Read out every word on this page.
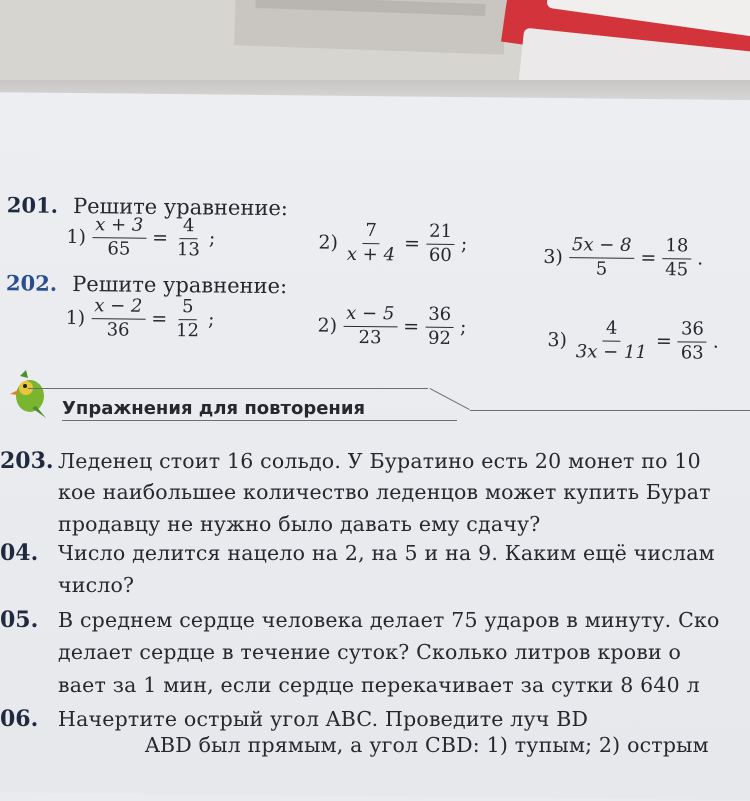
201. Решите уравнение:
$1) \frac{x + 3}{65} = \frac{4}{13}$ ;	$2) \frac{7}{x + 4} = \frac{21}{60}$ ;
$3) \frac{5x - 8}{5} = \frac{18}{45}$ .
202. Решите уравнение:
$1) \frac{x - 2}{36} = \frac{5}{12}$ ;	$2) \frac{x - 5}{23} = \frac{36}{92}$ ;
$3) \frac{4}{3x - 11} = \frac{36}{63}$ .
Упражнения для повторения
203. Леденец стоит 16 сольдо. У Буратино есть 20 монет по 10
кое наибольшее количество леденцов может купить Бурат
продавцу не нужно было давать ему сдачу?
04. Число делится нацело на 2, на 5 и на 9. Каким ещё числам
число?
05. В среднем сердце человека делает 75 ударов в минуту. Ско
делает сердце в течение суток? Сколько литров крови о
вает за 1 мин, если сердце перекачивает за сутки 8 640 л
06. Начертите острый угол ABC. Проведите луч BD
ABD был прямым, а угол CBD: 1) тупым; 2) острым
